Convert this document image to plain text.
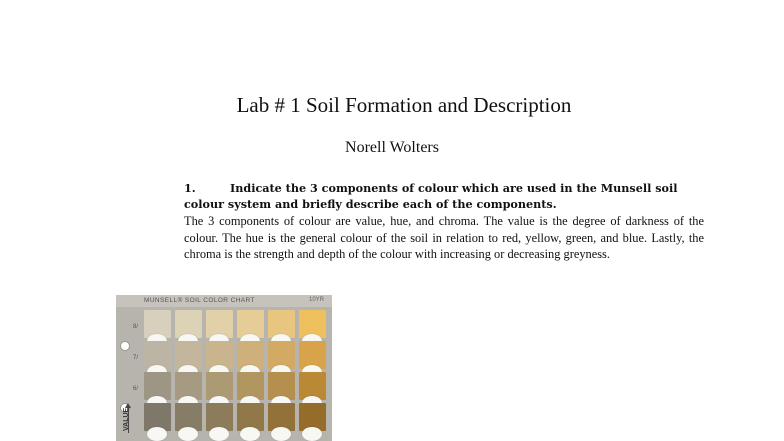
Lab # 1 Soil Formation and Description
Norell Wolters
1.	Indicate the 3 components of colour which are used in the Munsell soil colour system and briefly describe each of the components.
The 3 components of colour are value, hue, and chroma. The value is the degree of darkness of the colour. The hue is the general colour of the soil in relation to red, yellow, green, and blue. Lastly, the chroma is the strength and depth of the colour with increasing or decreasing greyness.
MUNSELL® SOIL COLOR CHART	10YR
8/
7/
6/
VALUE
